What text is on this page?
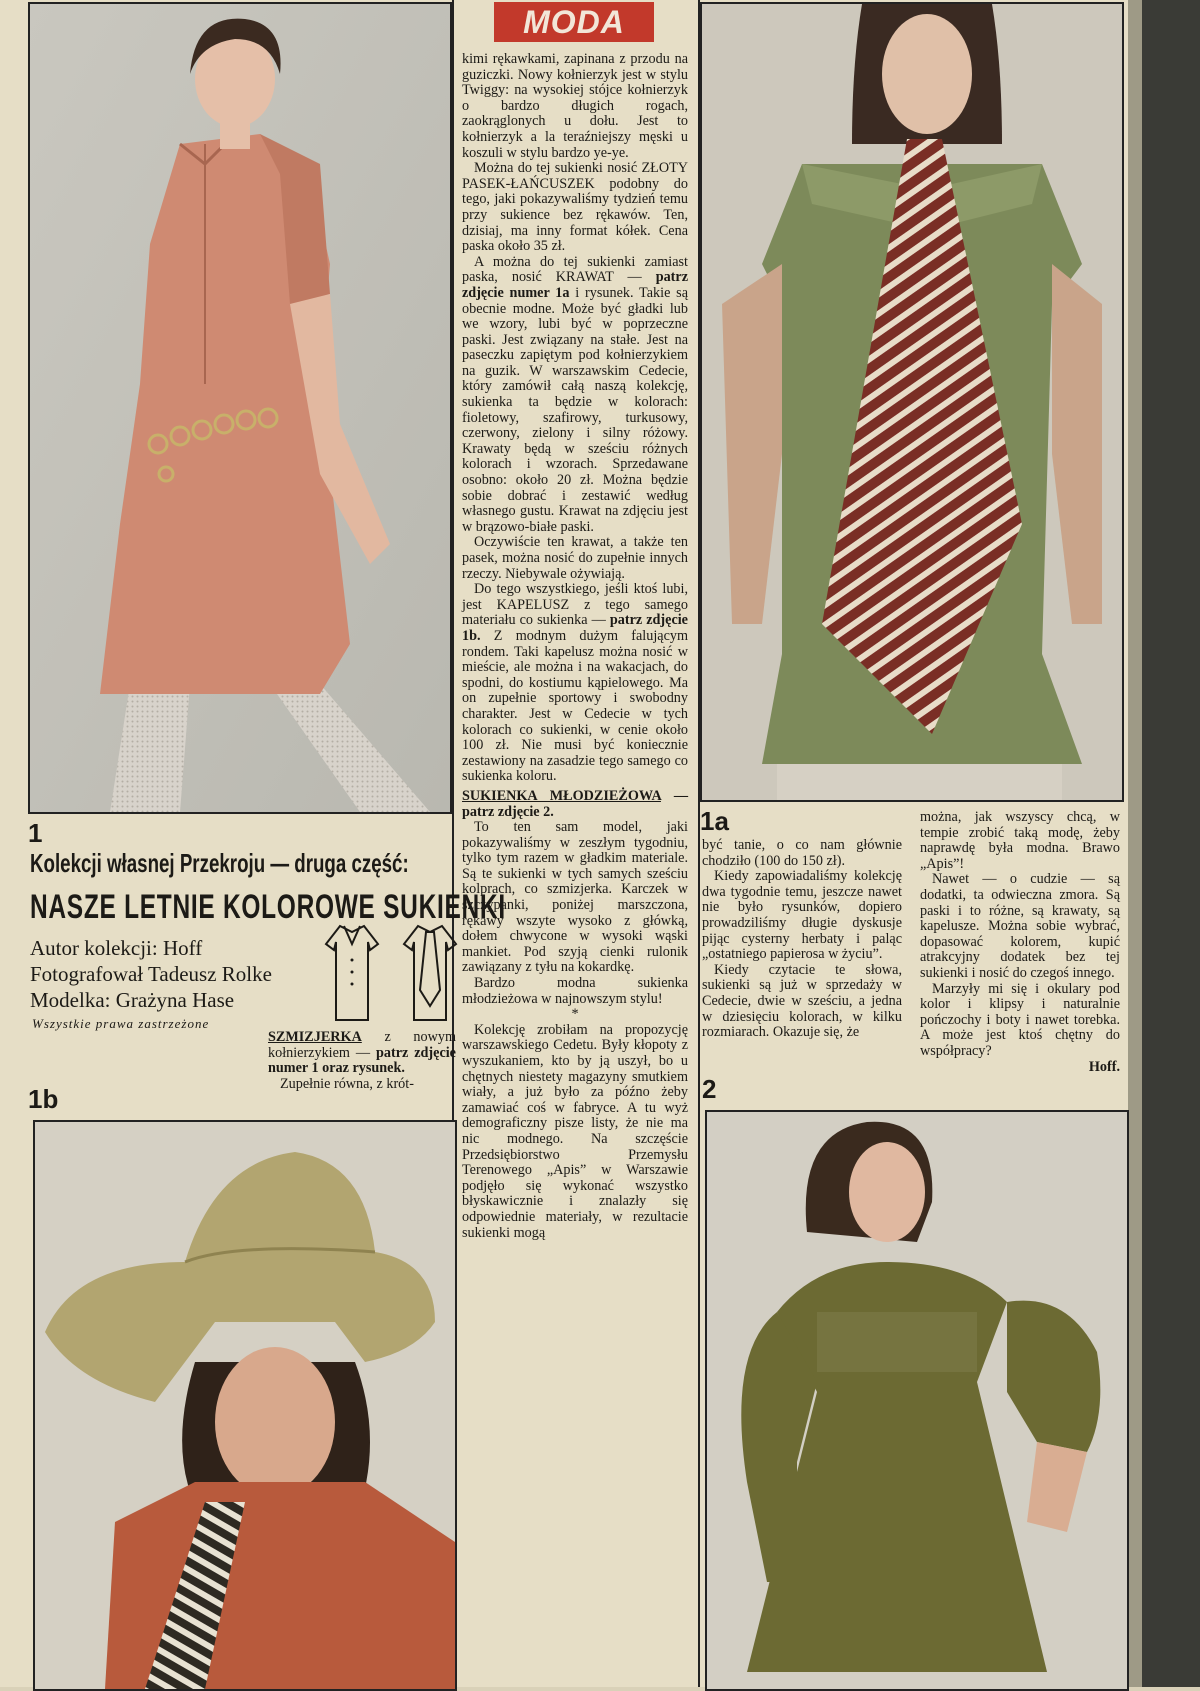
MODA
1	1a
1b	2
Kolekcji własnej Przekroju — druga część:
NASZE LETNIE KOLOROWE SUKIENKI
Autor kolekcji: Hoff
Fotografował Tadeusz Rolke
Modelka: Grażyna Hase
Wszystkie prawa zastrzeżone

SZMIZJERKA z nowym kołnierzykiem — patrz zdjęcie numer 1 oraz rysunek.

Zupełnie równa, z krót-

kimi rękawkami, zapinana z przodu na guziczki. Nowy kołnierzyk jest w stylu Twiggy: na wysokiej stójce kołnierzyk o bardzo długich rogach, zaokrąglonych u dołu. Jest to kołnierzyk a la teraźniejszy męski u koszuli w stylu bardzo ye-ye.

Można do tej sukienki nosić ZŁOTY PASEK-ŁAŃCUSZEK podobny do tego, jaki pokazywaliśmy tydzień temu przy sukience bez rękawów. Ten, dzisiaj, ma inny format kółek. Cena paska około 35 zł.

A można do tej sukienki zamiast paska, nosić KRAWAT — patrz zdjęcie numer 1a i rysunek. Takie są obecnie modne. Może być gładki lub we wzory, lubi być w poprzeczne paski. Jest związany na stałe. Jest na paseczku zapiętym pod kołnierzykiem na guzik. W warszawskim Cedecie, który zamówił całą naszą kolekcję, sukienka ta będzie w kolorach: fioletowy, szafirowy, turkusowy, czerwony, zielony i silny różowy. Krawaty będą w sześciu różnych kolorach i wzorach. Sprzedawane osobno: około 20 zł. Można będzie sobie dobrać i zestawić według własnego gustu. Krawat na zdjęciu jest w brązowo-białe paski.

Oczywiście ten krawat, a także ten pasek, można nosić do zupełnie innych rzeczy. Niebywale ożywiają.

Do tego wszystkiego, jeśli ktoś lubi, jest KAPELUSZ z tego samego materiału co sukienka — patrz zdjęcie 1b. Z modnym dużym falującym rondem. Taki kapelusz można nosić w mieście, ale można i na wakacjach, do spodni, do kostiumu kąpielowego. Ma on zupełnie sportowy i swobodny charakter. Jest w Cedecie w tych kolorach co sukienki, w cenie około 100 zł. Nie musi być koniecznie zestawiony na zasadzie tego samego co sukienka koloru.

SUKIENKA MŁODZIEŻOWA — patrz zdjęcie 2.

To ten sam model, jaki pokazywaliśmy w zeszłym tygodniu, tylko tym razem w gładkim materiale. Są te sukienki w tych samych sześciu kolprach, co szmizjerka. Karczek w szczypanki, poniżej marszczona, rękawy wszyte wysoko z główką, dołem chwycone w wysoki wąski mankiet. Pod szyją cienki rulonik zawiązany z tyłu na kokardkę.

Bardzo modna sukienka młodzieżowa w najnowszym stylu!

*

Kolekcję zrobiłam na propozycję warszawskiego Cedetu. Były kłopoty z wyszukaniem, kto by ją uszył, bo u chętnych niestety magazyny smutkiem wiały, a już było za późno żeby zamawiać coś w fabryce. A tu wyż demograficzny pisze listy, że nie ma nic modnego. Na szczęście Przedsiębiorstwo Przemysłu Terenowego „Apis” w Warszawie podjęło się wykonać wszystko błyskawicznie i znalazły się odpowiednie materiały, w rezultacie sukienki mogą

być tanie, o co nam głównie chodziło (100 do 150 zł).

Kiedy zapowiadaliśmy kolekcję dwa tygodnie temu, jeszcze nawet nie było rysunków, dopiero prowadziliśmy długie dyskusje pijąc cysterny herbaty i paląc „ostatniego papierosa w życiu”.

Kiedy czytacie te słowa, sukienki są już w sprzedaży w Cedecie, dwie w sześciu, a jedna w dziesięciu kolorach, w kilku rozmiarach. Okazuje się, że

można, jak wszyscy chcą, w tempie zrobić taką modę, żeby naprawdę była modna. Brawo „Apis”!

Nawet — o cudzie — są dodatki, ta odwieczna zmora. Są paski i to różne, są krawaty, są kapelusze. Można sobie wybrać, dopasować kolorem, kupić atrakcyjny dodatek bez tej sukienki i nosić do czegoś innego.

Marzyły mi się i okulary pod kolor i klipsy i naturalnie pończochy i boty i nawet torebka. A może jest ktoś chętny do współpracy?

Hoff.
